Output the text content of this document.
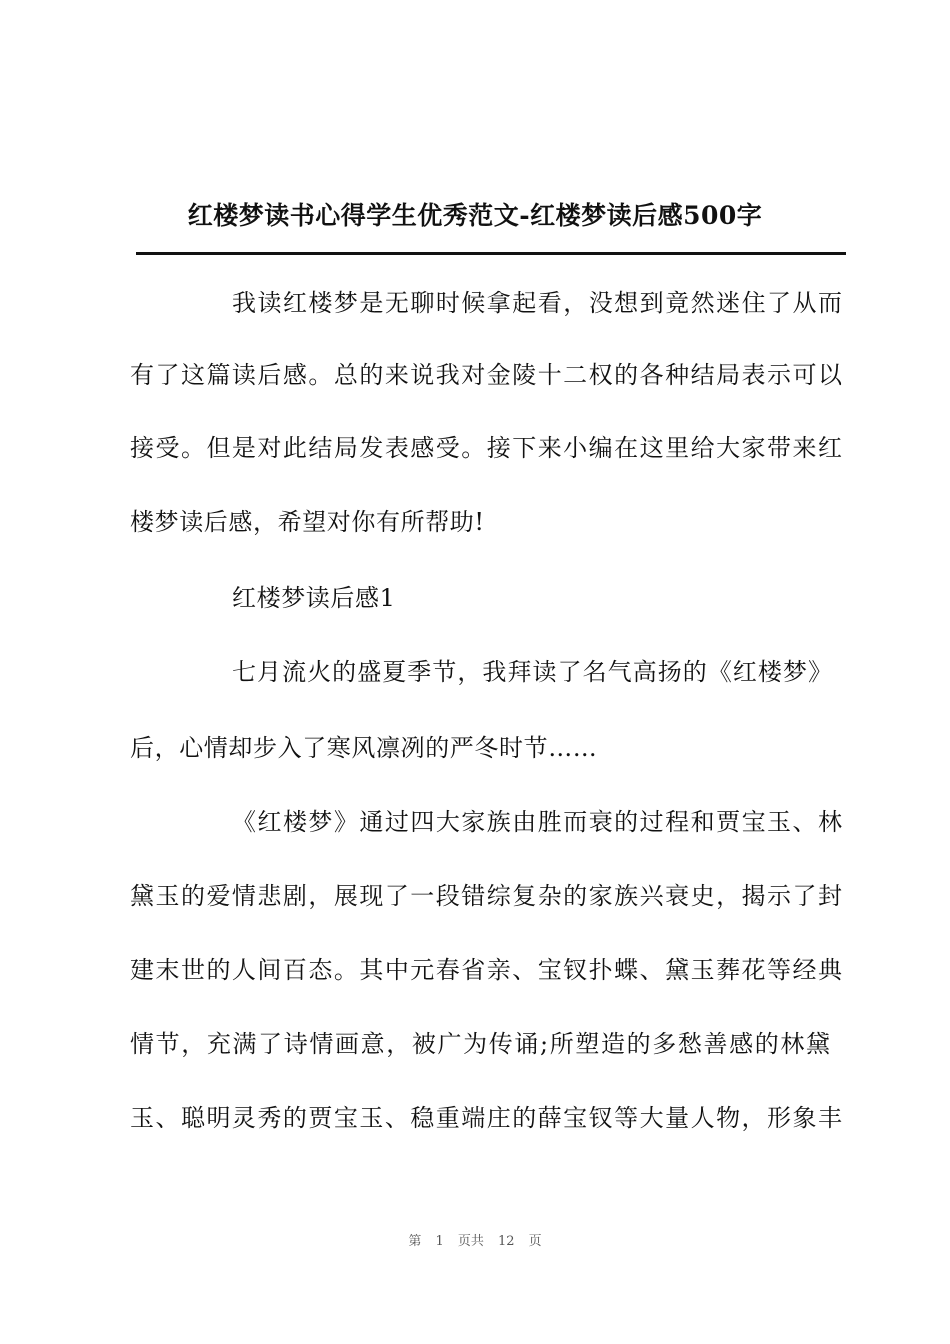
红楼梦读书心得学生优秀范文-红楼梦读后感500字
我读红楼梦是无聊时候拿起看，没想到竟然迷住了从而
有了这篇读后感。总的来说我对金陵十二权的各种结局表示可以
接受。但是对此结局发表感受。接下来小编在这里给大家带来红
楼梦读后感，希望对你有所帮助!
红楼梦读后感1
七月流火的盛夏季节，我拜读了名气高扬的《红楼梦》
后，心情却步入了寒风凛冽的严冬时节……
《红楼梦》通过四大家族由胜而衰的过程和贾宝玉、林
黛玉的爱情悲剧，展现了一段错综复杂的家族兴衰史，揭示了封
建末世的人间百态。其中元春省亲、宝钗扑蝶、黛玉葬花等经典
情节，充满了诗情画意，被广为传诵;所塑造的多愁善感的林黛
玉、聪明灵秀的贾宝玉、稳重端庄的薛宝钗等大量人物，形象丰
第 1 页共 12 页
